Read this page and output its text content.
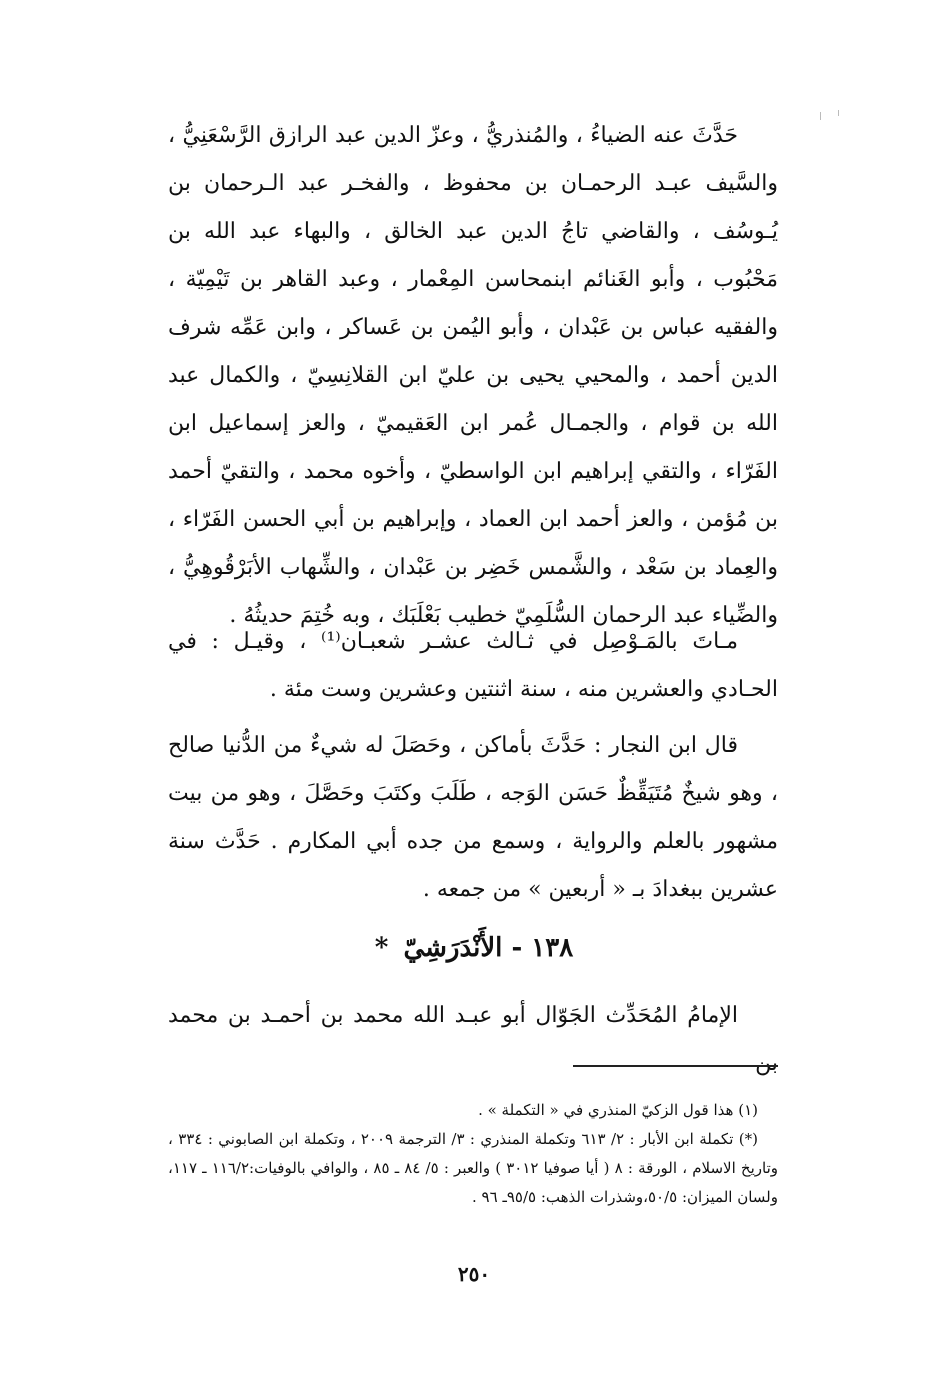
حَدَّثَ عنه الضياءُ ، والمُنذريُّ ، وعزّ الدين عبد الرازق الرَّسْعَنِيُّ ، والسَّيف عبـد الرحمـان بن محفوظ ، والفخـر عبد الـرحمان بن يُـوسُف ، والقاضي تاجُ الدين عبد الخالق ، والبهاء عبد الله بن مَحْبُوب ، وأبو الغَنائم ابنمحاسن المِعْمار ، وعبد القاهر بن تَيْمِيّة ، والفقيه عباس بن عَبْدان ، وأبو اليُمن بن عَساكر ، وابن عَمِّه شرف الدين أحمد ، والمحيي يحيى بن عليّ ابن القلانِسِيّ ، والكمال عبد الله بن قوام ، والجمـال عُمر ابن العَقيميّ ، والعز إسماعيل ابن الفَرّاء ، والتقي إبراهيم ابن الواسطيّ ، وأخوه محمد ، والتقيّ أحمد بن مُؤمن ، والعز أحمد ابن العماد ، وإبراهيم بن أبي الحسن الفَرّاء ، والعِماد بن سَعْد ، والشَّمس خَضِر بن عَبْدان ، والشِّهاب الأبَرْقُوهِيُّ ، والضِّياء عبد الرحمان السُّلَمِيّ خطيب بَعْلَبَك ، وبه خُتِمَ حديثُهُ .

مـاتَ بالمَـوْصِل في ثـالث عشـر شعبـان⁽¹⁾ ، وقيـل : في الحـادي والعشرين منه ، سنة اثنتين وعشرين وست مئة .

قال ابن النجار : حَدَّثَ بأماكن ، وحَصَلَ له شيءٌ من الدُّنيا صالح ، وهو شيخٌ مُتَيَقِّظٌ حَسَن الوَجه ، طَلَبَ وكتَبَ وحَصَّلَ ، وهو من بيت مشهور بالعلم والرواية ، وسمع من جده أبي المكارم . حَدَّث سنة عشرين ببغدادَ بـ « أربعين » من جمعه .

١٣٨ - الأَنْدَرَشِيّ *

الإمامُ المُحَدِّث الجَوّال أبو عبـد الله محمد بن أحمـد بن محمد بن

(١) هذا قول الزكيّ المنذري في « التكملة » .

(*) تكملة ابن الأبار : ٢/ ٦١٣ وتكملة المنذري : ٣/ الترجمة ٢٠٠٩ ، وتكملة ابن الصابوني : ٣٣٤ ، وتاريخ الاسلام ، الورقة : ٨ ( أيا صوفيا ٣٠١٢ ) والعبر : ٥/ ٨٤ ـ ٨٥ ، والوافي بالوفيات:١١٦/٢ ـ ١١٧، ولسان الميزان: ٥٠/٥،وشذرات الذهب: ٩٥/٥ـ ٩٦ .

٢٥٠
